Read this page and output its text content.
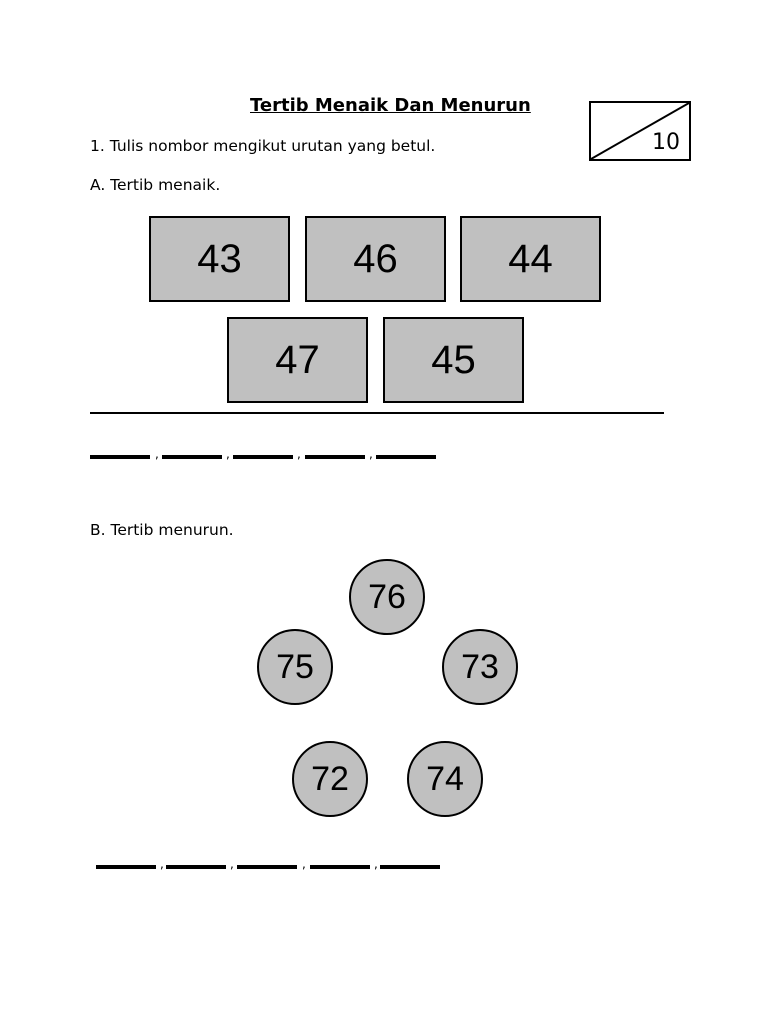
Tertib Menaik Dan Menurun
10
1. Tulis nombor mengikut urutan yang betul.
A. Tertib menaik.
43	46	44
47	45
,	,	,	,
B. Tertib menurun.
76
75	73
72	74
,	,	,	,
